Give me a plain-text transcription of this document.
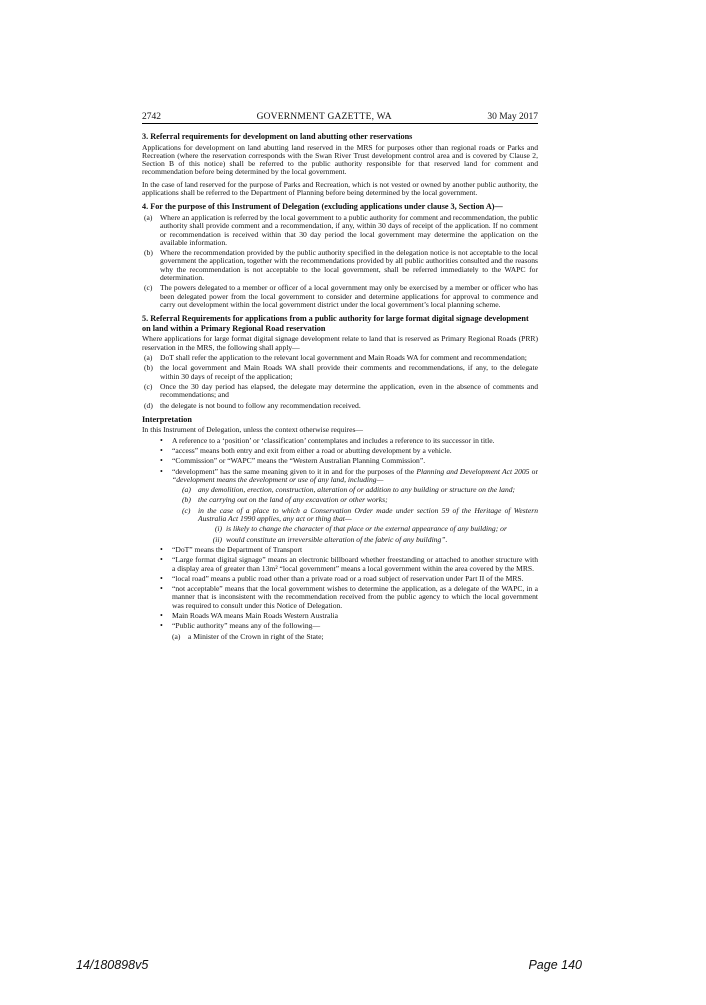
2742	GOVERNMENT GAZETTE, WA	30 May 2017
3. Referral requirements for development on land abutting other reservations
Applications for development on land abutting land reserved in the MRS for purposes other than regional roads or Parks and Recreation (where the reservation corresponds with the Swan River Trust development control area and is covered by Clause 2, Section B of this notice) shall be referred to the public authority responsible for that reserved land for comment and recommendation before being determined by the local government.
In the case of land reserved for the purpose of Parks and Recreation, which is not vested or owned by another public authority, the applications shall be referred to the Department of Planning before being determined by the local government.
4. For the purpose of this Instrument of Delegation (excluding applications under clause 3, Section A)—
(a) Where an application is referred by the local government to a public authority for comment and recommendation, the public authority shall provide comment and a recommendation, if any, within 30 days of receipt of the application. If no comment or recommendation is received within that 30 day period the local government may determine the application on the available information.
(b) Where the recommendation provided by the public authority specified in the delegation notice is not acceptable to the local government the application, together with the recommendations provided by all public authorities consulted and the reasons why the recommendation is not acceptable to the local government, shall be referred immediately to the WAPC for determination.
(c) The powers delegated to a member or officer of a local government may only be exercised by a member or officer who has been delegated power from the local government to consider and determine applications for approval to commence and carry out development within the local government district under the local government’s local planning scheme.
5. Referral Requirements for applications from a public authority for large format digital signage development on land within a Primary Regional Road reservation
Where applications for large format digital signage development relate to land that is reserved as Primary Regional Roads (PRR) reservation in the MRS, the following shall apply—
(a) DoT shall refer the application to the relevant local government and Main Roads WA for comment and recommendation;
(b) the local government and Main Roads WA shall provide their comments and recommendations, if any, to the delegate within 30 days of receipt of the application;
(c) Once the 30 day period has elapsed, the delegate may determine the application, even in the absence of comments and recommendations; and
(d) the delegate is not bound to follow any recommendation received.
Interpretation
In this Instrument of Delegation, unless the context otherwise requires—
•	A reference to a ‘position’ or ‘classification’ contemplates and includes a reference to its successor in title.
•	“access” means both entry and exit from either a road or abutting development by a vehicle.
•	“Commission” or “WAPC” means the “Western Australian Planning Commission”.
•	“development” has the same meaning given to it in and for the purposes of the Planning and Development Act 2005 or “development means the development or use of any land, including—
(a) any demolition, erection, construction, alteration of or addition to any building or structure on the land;
(b) the carrying out on the land of any excavation or other works;
(c) in the case of a place to which a Conservation Order made under section 59 of the Heritage of Western Australia Act 1990 applies, any act or thing that—
(i) is likely to change the character of that place or the external appearance of any building; or
(ii) would constitute an irreversible alteration of the fabric of any building”.
•	“DoT” means the Department of Transport
•	“Large format digital signage” means an electronic billboard whether freestanding or attached to another structure with a display area of greater than 13m² “local government” means a local government within the area covered by the MRS.
•	“local road” means a public road other than a private road or a road subject of reservation under Part II of the MRS.
•	“not acceptable” means that the local government wishes to determine the application, as a delegate of the WAPC, in a manner that is inconsistent with the recommendation received from the public agency to which the local government was required to consult under this Notice of Delegation.
•	Main Roads WA means Main Roads Western Australia
•	“Public authority” means any of the following—
(a) a Minister of the Crown in right of the State;
14/180898v5	Page 140
